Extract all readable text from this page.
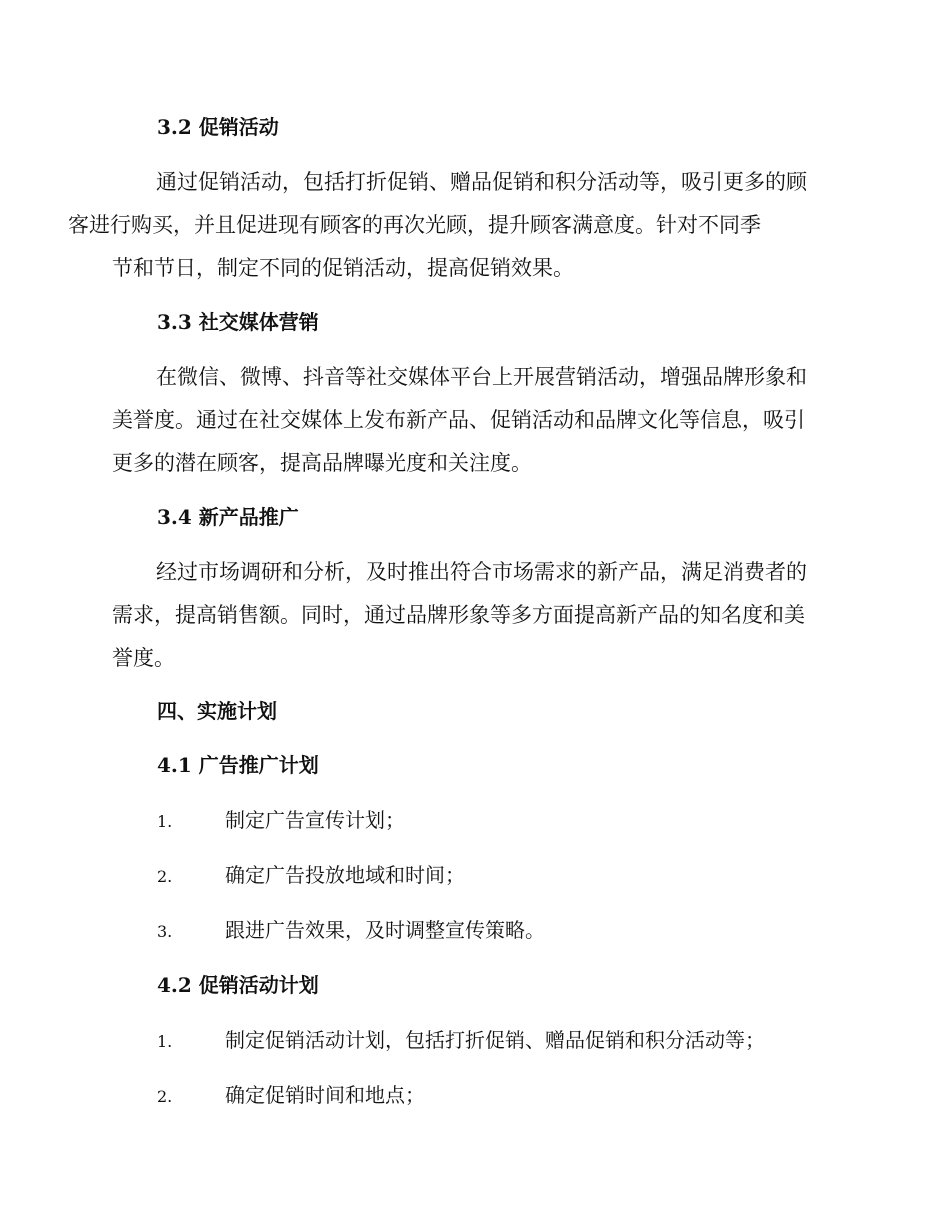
3.2 促销活动
通过促销活动，包括打折促销、赠品促销和积分活动等，吸引更多的顾
客进行购买，并且促进现有顾客的再次光顾，提升顾客满意度。针对不同季
节和节日，制定不同的促销活动，提高促销效果。
3.3 社交媒体营销
在微信、微博、抖音等社交媒体平台上开展营销活动，增强品牌形象和
美誉度。通过在社交媒体上发布新产品、促销活动和品牌文化等信息，吸引
更多的潜在顾客，提高品牌曝光度和关注度。
3.4 新产品推广
经过市场调研和分析，及时推出符合市场需求的新产品，满足消费者的
需求，提高销售额。同时，通过品牌形象等多方面提高新产品的知名度和美
誉度。
四、实施计划
4.1 广告推广计划
1.	制定广告宣传计划；
2.	确定广告投放地域和时间；
3.	跟进广告效果，及时调整宣传策略。
4.2 促销活动计划
1.	制定促销活动计划，包括打折促销、赠品促销和积分活动等；
2.	确定促销时间和地点；
